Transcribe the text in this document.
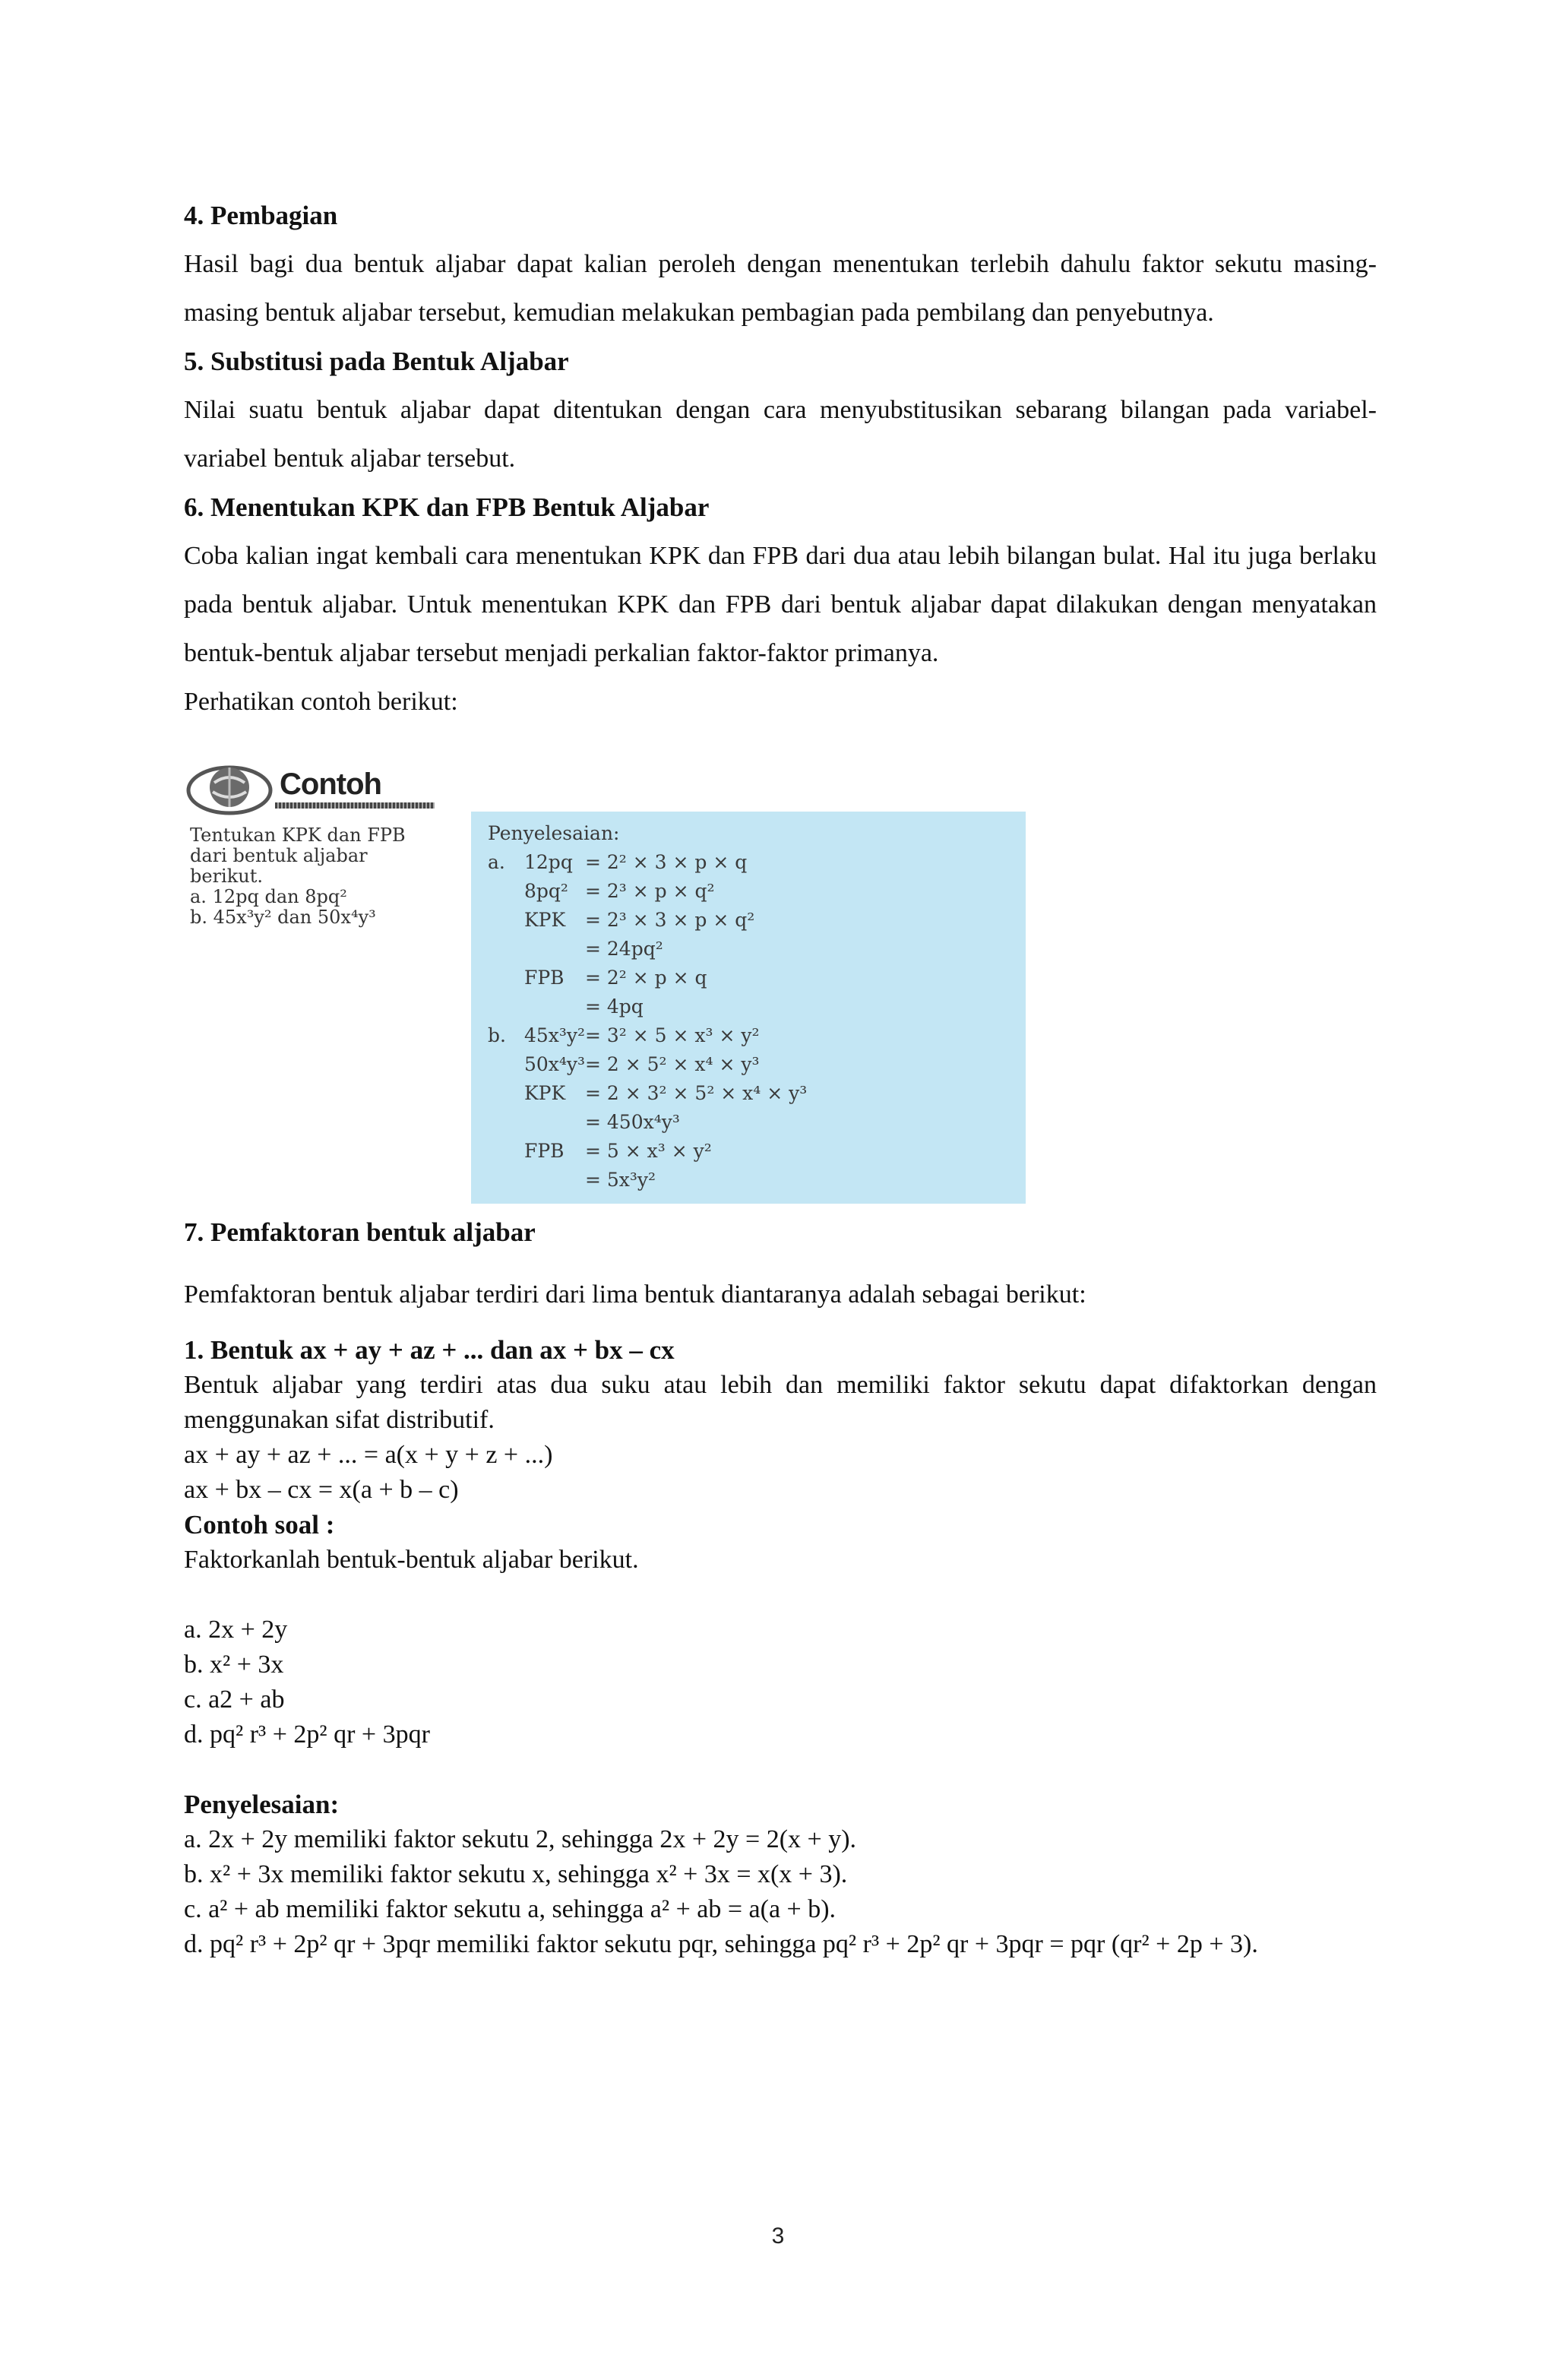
4. Pembagian

Hasil bagi dua bentuk aljabar dapat kalian peroleh dengan menentukan terlebih dahulu faktor sekutu masing-masing bentuk aljabar tersebut, kemudian melakukan pembagian pada pembilang dan penyebutnya.

5. Substitusi pada Bentuk Aljabar

Nilai suatu bentuk aljabar dapat ditentukan dengan cara menyubstitusikan sebarang bilangan pada variabel-variabel bentuk aljabar tersebut.

6. Menentukan KPK dan FPB Bentuk Aljabar

Coba kalian ingat kembali cara menentukan KPK dan FPB dari dua atau lebih bilangan bulat. Hal itu juga berlaku pada bentuk aljabar. Untuk menentukan KPK dan FPB dari bentuk aljabar dapat dilakukan dengan menyatakan bentuk-bentuk aljabar tersebut menjadi perkalian faktor-faktor primanya.

Perhatikan contoh berikut:

Contoh
Tentukan KPK dan FPB
dari bentuk aljabar berikut.
a. 12pq dan 8pq²
b. 45x³y² dan 50x⁴y³
Penyelesaian:
a.	12pq = 2² × 3 × p × q
8pq² = 2³ × p × q²
KPK	= 2³ × 3 × p × q²
= 24pq²
FPB	= 2² × p × q
= 4pq
b. 45x³y² = 3² × 5 × x³ × y²
50x⁴y³ = 2 × 5² × x⁴ × y³
KPK	= 2 × 3² × 5² × x⁴ × y³
= 450x⁴y³
FPB	= 5 × x³ × y²
= 5x³y²

7. Pemfaktoran bentuk aljabar

Pemfaktoran bentuk aljabar terdiri dari lima bentuk diantaranya adalah sebagai berikut:

1. Bentuk ax + ay + az + ... dan ax + bx – cx

Bentuk aljabar yang terdiri atas dua suku atau lebih dan memiliki faktor sekutu dapat difaktorkan dengan menggunakan sifat distributif.

ax + ay + az + ... = a(x + y + z + ...)

ax + bx – cx = x(a + b – c)

Contoh soal :

Faktorkanlah bentuk-bentuk aljabar berikut.

a. 2x + 2y

b. x² + 3x

c. a2 + ab

d. pq² r³ + 2p² qr + 3pqr

Penyelesaian:

a. 2x + 2y memiliki faktor sekutu 2, sehingga 2x + 2y = 2(x + y).

b. x² + 3x memiliki faktor sekutu x, sehingga x² + 3x = x(x + 3).

c. a² + ab memiliki faktor sekutu a, sehingga a² + ab = a(a + b).

d. pq² r³ + 2p² qr + 3pqr memiliki faktor sekutu pqr, sehingga pq² r³ + 2p² qr + 3pqr = pqr (qr² + 2p + 3).

3
